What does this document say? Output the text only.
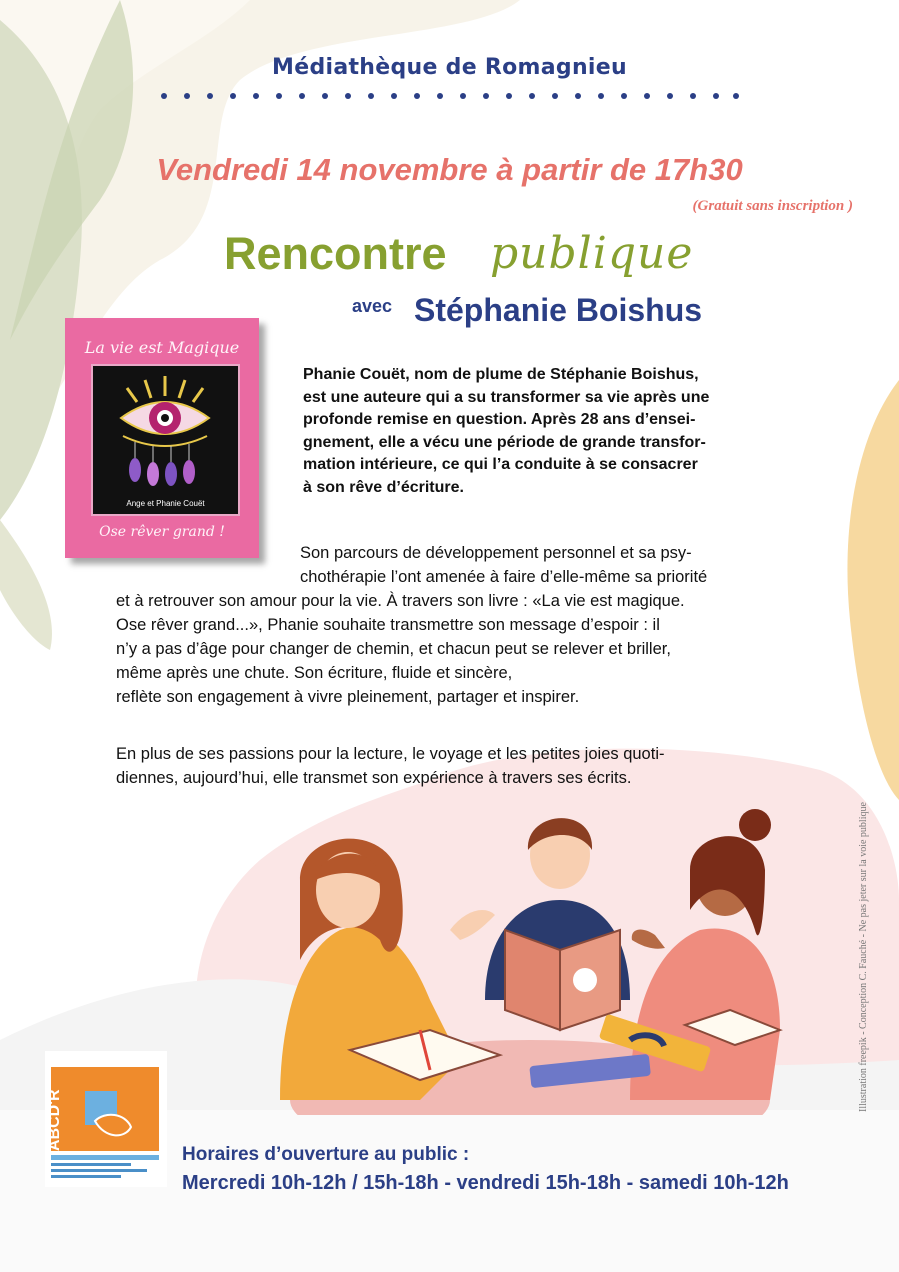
Médiathèque de Romagnieu
Vendredi 14 novembre à partir de 17h30
(Gratuit sans inscription )
Rencontre publique
avec Stéphanie Boishus
La vie est Magique
Ange et Phanie Couët
Ose rêver grand !
Phanie Couët, nom de plume de Stéphanie Boishus,
est une auteure qui a su transformer sa vie après une
profonde remise en question. Après 28 ans d’ensei-
gnement, elle a vécu une période de grande transfor-
mation intérieure, ce qui l’a conduite à se consacrer
à son rêve d’écriture.
Son parcours de développement personnel et sa psy-
chothérapie l’ont amenée à faire d’elle-même sa priorité
et à retrouver son amour pour la vie. À travers son livre : «La vie est magique.
Ose rêver grand...», Phanie souhaite transmettre son message d’espoir : il
n’y a pas d’âge pour changer de chemin, et chacun peut se relever et briller,
même après une chute. Son écriture, fluide et sincère,
reflète son engagement à vivre pleinement, partager et inspirer.
En plus de ses passions pour la lecture, le voyage et les petites joies quoti-
diennes, aujourd’hui, elle transmet son expérience à travers ses écrits.
Illustration freepik - Conception C. Fauché - Ne pas jeter sur la voie publique
ABCD'R
Horaires d’ouverture au public :
Mercredi 10h-12h / 15h-18h - vendredi 15h-18h - samedi 10h-12h
